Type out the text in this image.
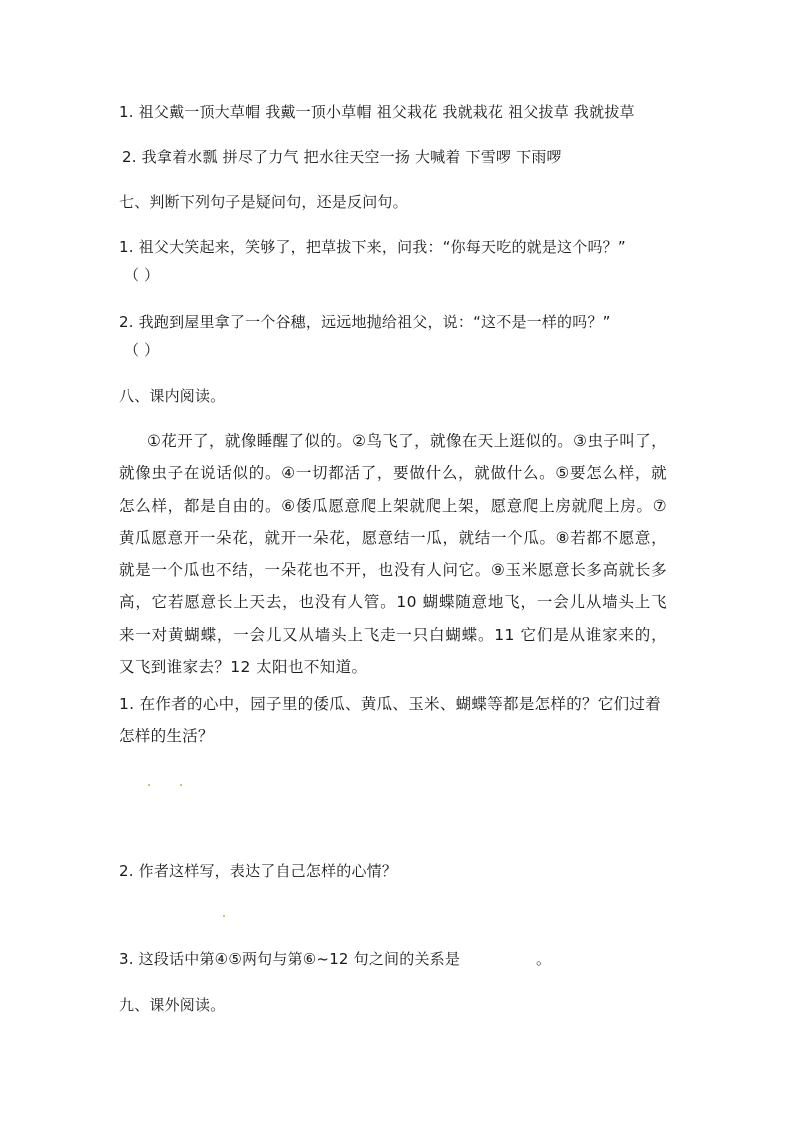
1. 祖父戴一顶大草帽 我戴一顶小草帽 祖父栽花 我就栽花 祖父拔草 我就拔草
2. 我拿着水瓢 拼尽了力气 把水往天空一扬 大喊着 下雪啰 下雨啰
七、判断下列句子是疑问句，还是反问句。
1. 祖父大笑起来，笑够了，把草拔下来，问我：“你每天吃的就是这个吗？”
（ ）
2. 我跑到屋里拿了一个谷穗，远远地抛给祖父，说：“这不是一样的吗？”
（ ）
八、课内阅读。
①花开了，就像睡醒了似的。②鸟飞了，就像在天上逛似的。③虫子叫了，就像虫子在说话似的。④一切都活了，要做什么，就做什么。⑤要怎么样，就怎么样，都是自由的。⑥倭瓜愿意爬上架就爬上架，愿意爬上房就爬上房。⑦黄瓜愿意开一朵花，就开一朵花，愿意结一瓜，就结一个瓜。⑧若都不愿意，就是一个瓜也不结，一朵花也不开，也没有人问它。⑨玉米愿意长多高就长多高，它若愿意长上天去，也没有人管。10 蝴蝶随意地飞，一会儿从墙头上飞来一对黄蝴蝶，一会儿又从墙头上飞走一只白蝴蝶。11 它们是从谁家来的，又飞到谁家去？12 太阳也不知道。
1. 在作者的心中，园子里的倭瓜、黄瓜、玉米、蝴蝶等都是怎样的？它们过着怎样的生活？
2. 作者这样写，表达了自己怎样的心情？
3. 这段话中第④⑤两句与第⑥~12 句之间的关系是	。
九、课外阅读。
